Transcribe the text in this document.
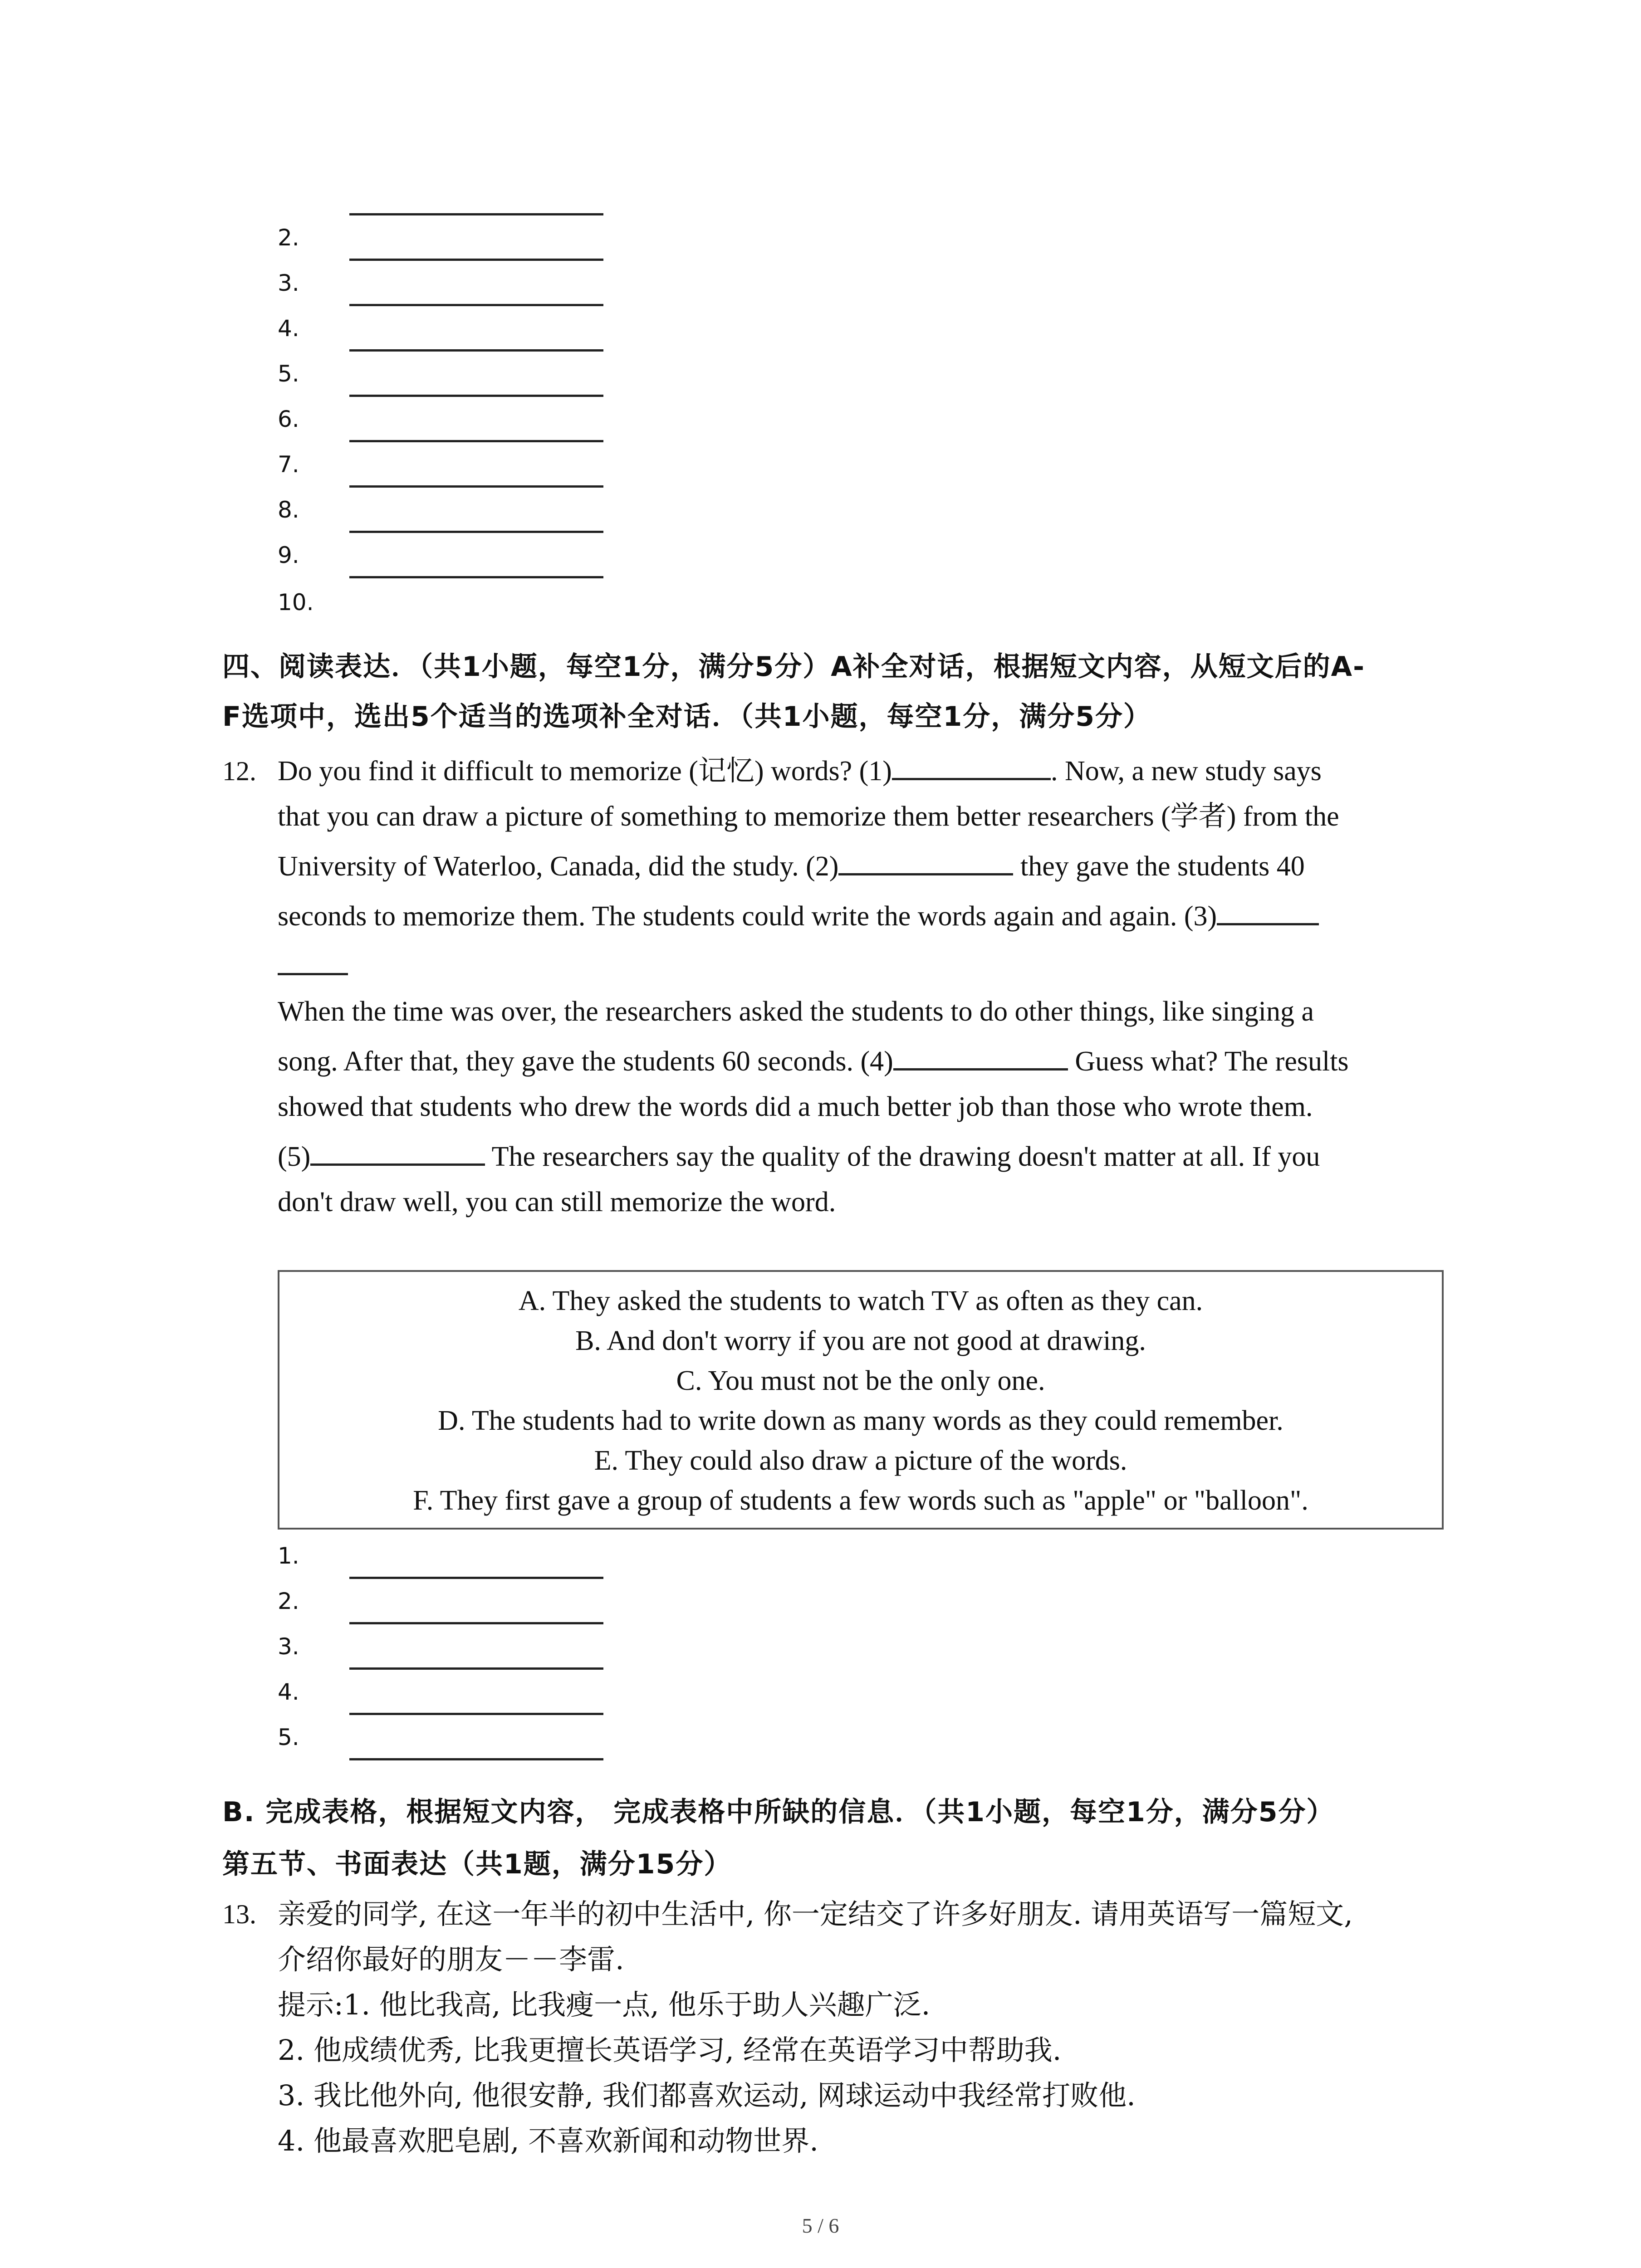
2.
3.
4.
5.
6.
7.
8.
9.
10.
四、阅读表达．（共1小题，每空1分，满分5分）A补全对话，根据短文内容，从短文后的A-
F选项中，选出5个适当的选项补全对话．（共1小题，每空1分，满分5分）
12. Do you find it difficult to memorize (记忆) words? (1)	. Now, a new study says
that you can draw a picture of something to memorize them better researchers (学者) from the
University of Waterloo, Canada, did the study. (2)	they gave the students 40
seconds to memorize them. The students could write the words again and again. (3)
When the time was over, the researchers asked the students to do other things, like singing a
song. After that, they gave the students 60 seconds. (4)	Guess what? The results
showed that students who drew the words did a much better job than those who wrote them.
(5)	The researchers say the quality of the drawing doesn't matter at all. If you
don't draw well, you can still memorize the word.
A. They asked the students to watch TV as often as they can.
B. And don't worry if you are not good at drawing.
C. You must not be the only one.
D. The students had to write down as many words as they could remember.
E. They could also draw a picture of the words.
F. They first gave a group of students a few words such as "apple" or "balloon".
1.
2.
3.
4.
5.
B. 完成表格，根据短文内容， 完成表格中所缺的信息．（共1小题，每空1分，满分5分）
第五节、书面表达（共1题，满分15分）
13. 亲爱的同学, 在这一年半的初中生活中, 你一定结交了许多好朋友. 请用英语写一篇短文,
介绍你最好的朋友－－李雷.
提示:1. 他比我高, 比我瘦一点, 他乐于助人兴趣广泛.
2. 他成绩优秀, 比我更擅长英语学习, 经常在英语学习中帮助我.
3. 我比他外向, 他很安静, 我们都喜欢运动, 网球运动中我经常打败他.
4. 他最喜欢肥皂剧, 不喜欢新闻和动物世界.
5 / 6
